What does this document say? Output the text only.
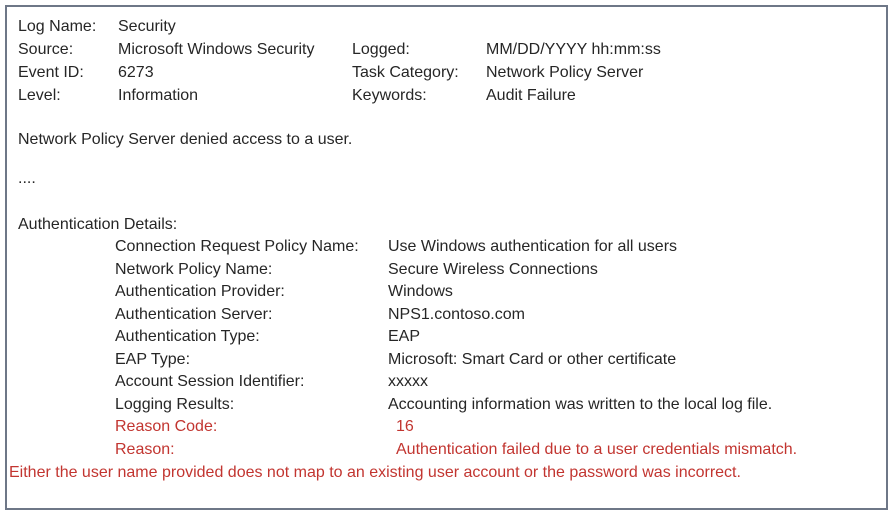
Log Name:	Security
Source:	Microsoft Windows Security	Logged:	MM/DD/YYYY hh:mm:ss
Event ID:	6273	Task Category:	Network Policy Server
Level:	Information	Keywords:	Audit Failure
Network Policy Server denied access to a user.
....
Authentication Details:
Connection Request Policy Name:	Use Windows authentication for all users
Network Policy Name:	Secure Wireless Connections
Authentication Provider:	Windows
Authentication Server:	NPS1.contoso.com
Authentication Type:	EAP
EAP Type:	Microsoft: Smart Card or other certificate
Account Session Identifier:	xxxxx
Logging Results:	Accounting information was written to the local log file.
Reason Code:	16
Reason:	Authentication failed due to a user credentials mismatch.
Either the user name provided does not map to an existing user account or the password was incorrect.
